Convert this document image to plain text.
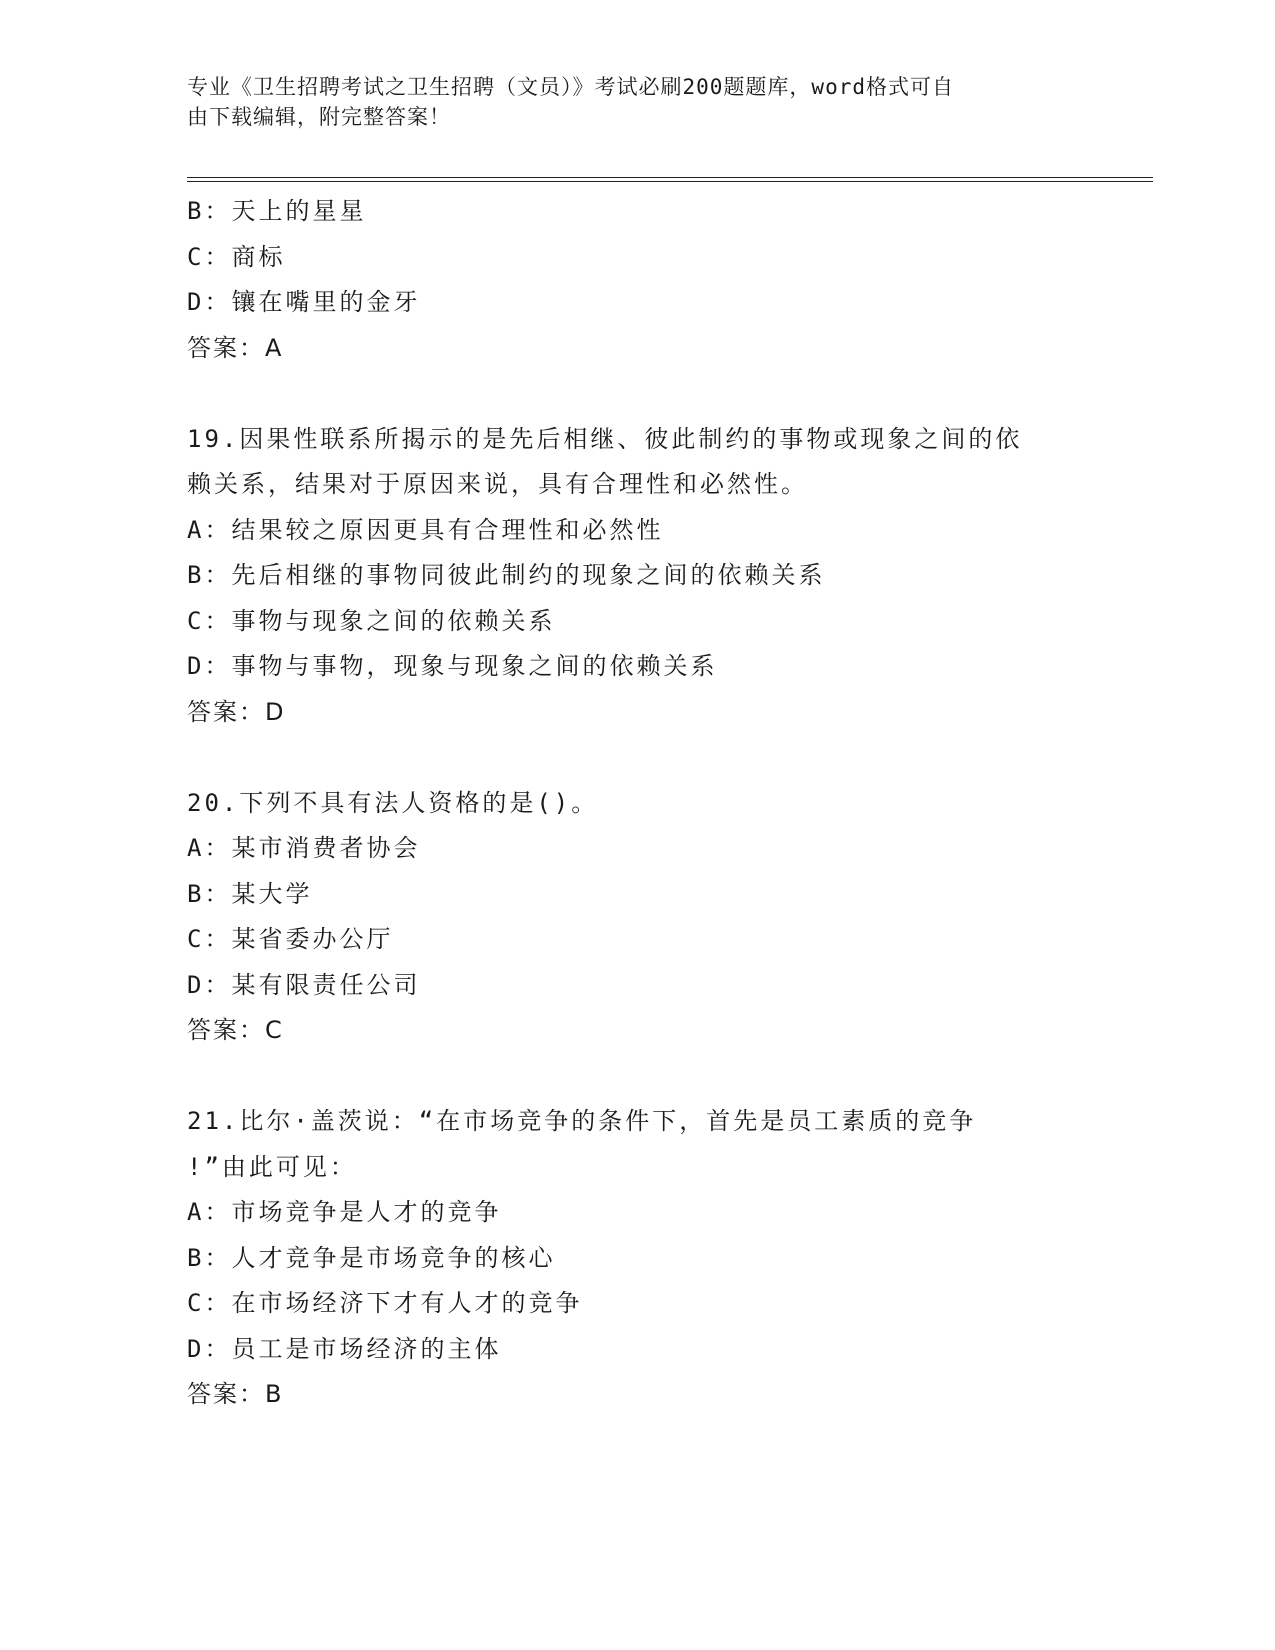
专业《卫生招聘考试之卫生招聘（文员）》考试必刷200题题库，word格式可自
由下载编辑，附完整答案！
B：天上的星星
C：商标
D：镶在嘴里的金牙
答案：A
19.因果性联系所揭示的是先后相继、彼此制约的事物或现象之间的依
赖关系，结果对于原因来说，具有合理性和必然性。
A：结果较之原因更具有合理性和必然性
B：先后相继的事物同彼此制约的现象之间的依赖关系
C：事物与现象之间的依赖关系
D：事物与事物，现象与现象之间的依赖关系
答案：D
20.下列不具有法人资格的是()。
A：某市消费者协会
B：某大学
C：某省委办公厅
D：某有限责任公司
答案：C
21.比尔·盖茨说：“在市场竞争的条件下，首先是员工素质的竞争
!”由此可见：
A：市场竞争是人才的竞争
B：人才竞争是市场竞争的核心
C：在市场经济下才有人才的竞争
D：员工是市场经济的主体
答案：B
